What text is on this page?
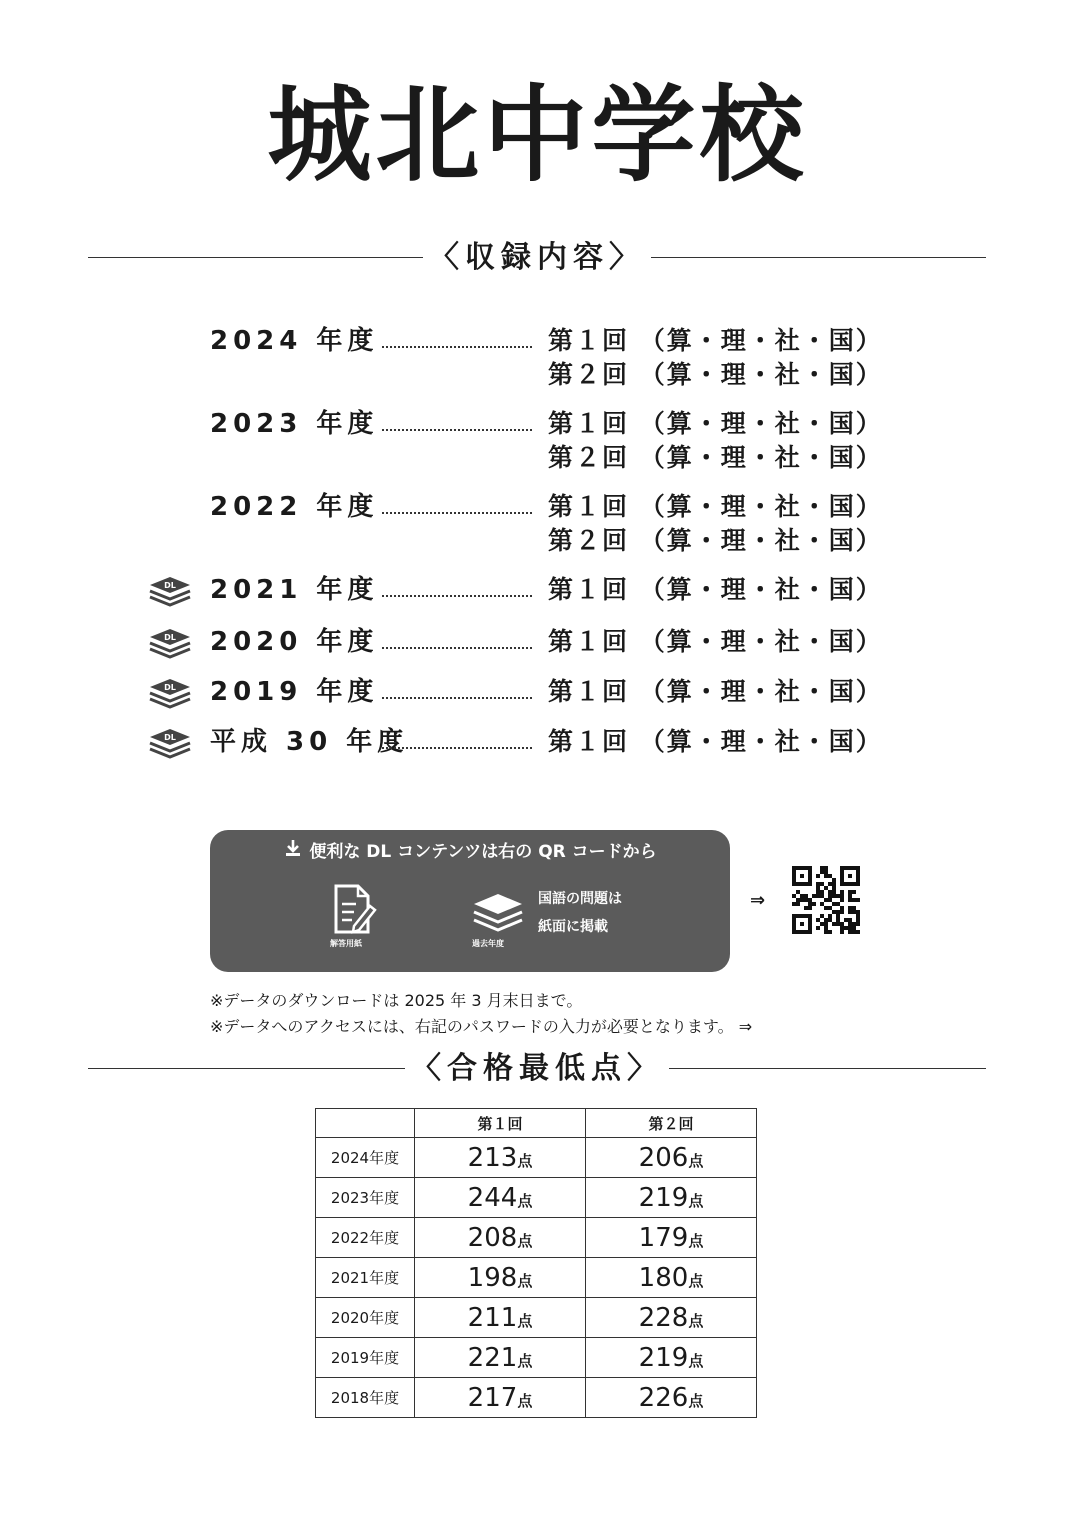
城北中学校
〈収録内容〉
2024 年度	第１回 （算・理・社・国）
第２回 （算・理・社・国）
2023 年度	第１回 （算・理・社・国）
第２回 （算・理・社・国）
2022 年度	第１回 （算・理・社・国）
第２回 （算・理・社・国）
DL 2021 年度	第１回 （算・理・社・国）
DL 2020 年度	第１回 （算・理・社・国）
DL 2019 年度	第１回 （算・理・社・国）
DL 平成 30 年度	第１回 （算・理・社・国）
便利な DL コンテンツは右の QR コードから
解答用紙	過去年度
国語の問題は
紙面に掲載
⇒
※データのダウンロードは 2025 年 3 月末日まで。
※データへのアクセスには、右記のパスワードの入力が必要となります。 ⇒
〈合格最低点〉
	第１回	第２回
2024年度	213点	206点
2023年度	244点	219点
2022年度	208点	179点
2021年度	198点	180点
2020年度	211点	228点
2019年度	221点	219点
2018年度	217点	226点
